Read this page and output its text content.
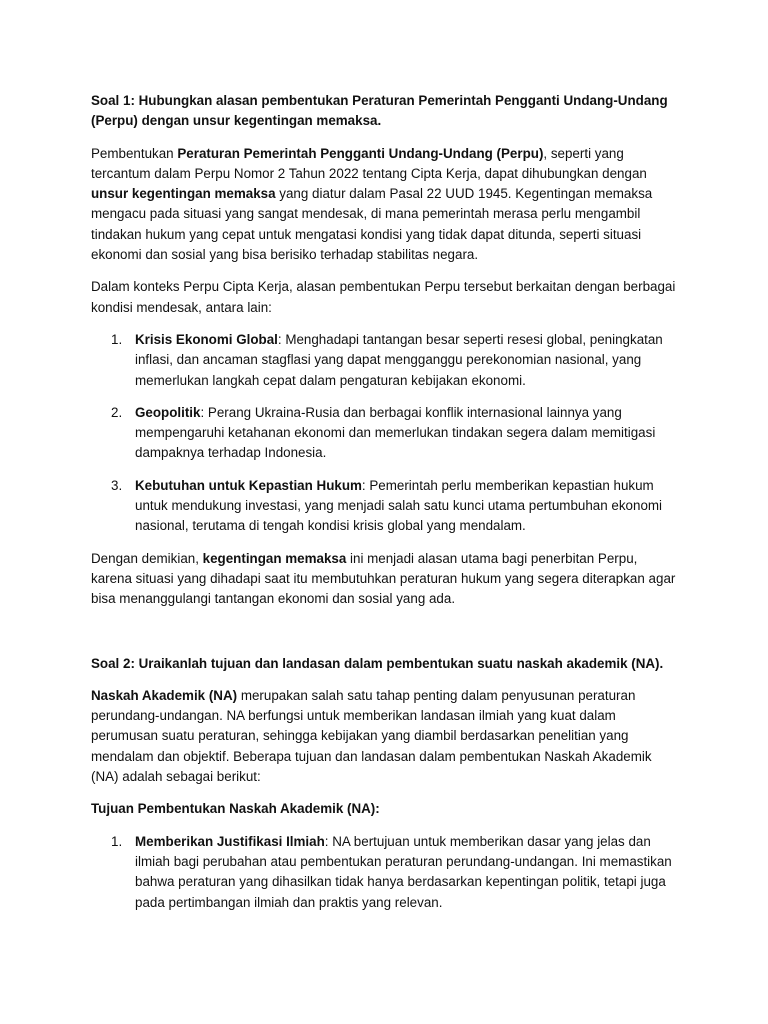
Soal 1: Hubungkan alasan pembentukan Peraturan Pemerintah Pengganti Undang-Undang (Perpu) dengan unsur kegentingan memaksa.

Pembentukan Peraturan Pemerintah Pengganti Undang-Undang (Perpu), seperti yang tercantum dalam Perpu Nomor 2 Tahun 2022 tentang Cipta Kerja, dapat dihubungkan dengan unsur kegentingan memaksa yang diatur dalam Pasal 22 UUD 1945. Kegentingan memaksa mengacu pada situasi yang sangat mendesak, di mana pemerintah merasa perlu mengambil tindakan hukum yang cepat untuk mengatasi kondisi yang tidak dapat ditunda, seperti situasi ekonomi dan sosial yang bisa berisiko terhadap stabilitas negara.

Dalam konteks Perpu Cipta Kerja, alasan pembentukan Perpu tersebut berkaitan dengan berbagai kondisi mendesak, antara lain:

1. Krisis Ekonomi Global: Menghadapi tantangan besar seperti resesi global, peningkatan inflasi, dan ancaman stagflasi yang dapat mengganggu perekonomian nasional, yang memerlukan langkah cepat dalam pengaturan kebijakan ekonomi.
2. Geopolitik: Perang Ukraina-Rusia dan berbagai konflik internasional lainnya yang mempengaruhi ketahanan ekonomi dan memerlukan tindakan segera dalam memitigasi dampaknya terhadap Indonesia.
3. Kebutuhan untuk Kepastian Hukum: Pemerintah perlu memberikan kepastian hukum untuk mendukung investasi, yang menjadi salah satu kunci utama pertumbuhan ekonomi nasional, terutama di tengah kondisi krisis global yang mendalam.

Dengan demikian, kegentingan memaksa ini menjadi alasan utama bagi penerbitan Perpu, karena situasi yang dihadapi saat itu membutuhkan peraturan hukum yang segera diterapkan agar bisa menanggulangi tantangan ekonomi dan sosial yang ada.

Soal 2: Uraikanlah tujuan dan landasan dalam pembentukan suatu naskah akademik (NA).

Naskah Akademik (NA) merupakan salah satu tahap penting dalam penyusunan peraturan perundang-undangan. NA berfungsi untuk memberikan landasan ilmiah yang kuat dalam perumusan suatu peraturan, sehingga kebijakan yang diambil berdasarkan penelitian yang mendalam dan objektif. Beberapa tujuan dan landasan dalam pembentukan Naskah Akademik (NA) adalah sebagai berikut:

Tujuan Pembentukan Naskah Akademik (NA):

1. Memberikan Justifikasi Ilmiah: NA bertujuan untuk memberikan dasar yang jelas dan ilmiah bagi perubahan atau pembentukan peraturan perundang-undangan. Ini memastikan bahwa peraturan yang dihasilkan tidak hanya berdasarkan kepentingan politik, tetapi juga pada pertimbangan ilmiah dan praktis yang relevan.
